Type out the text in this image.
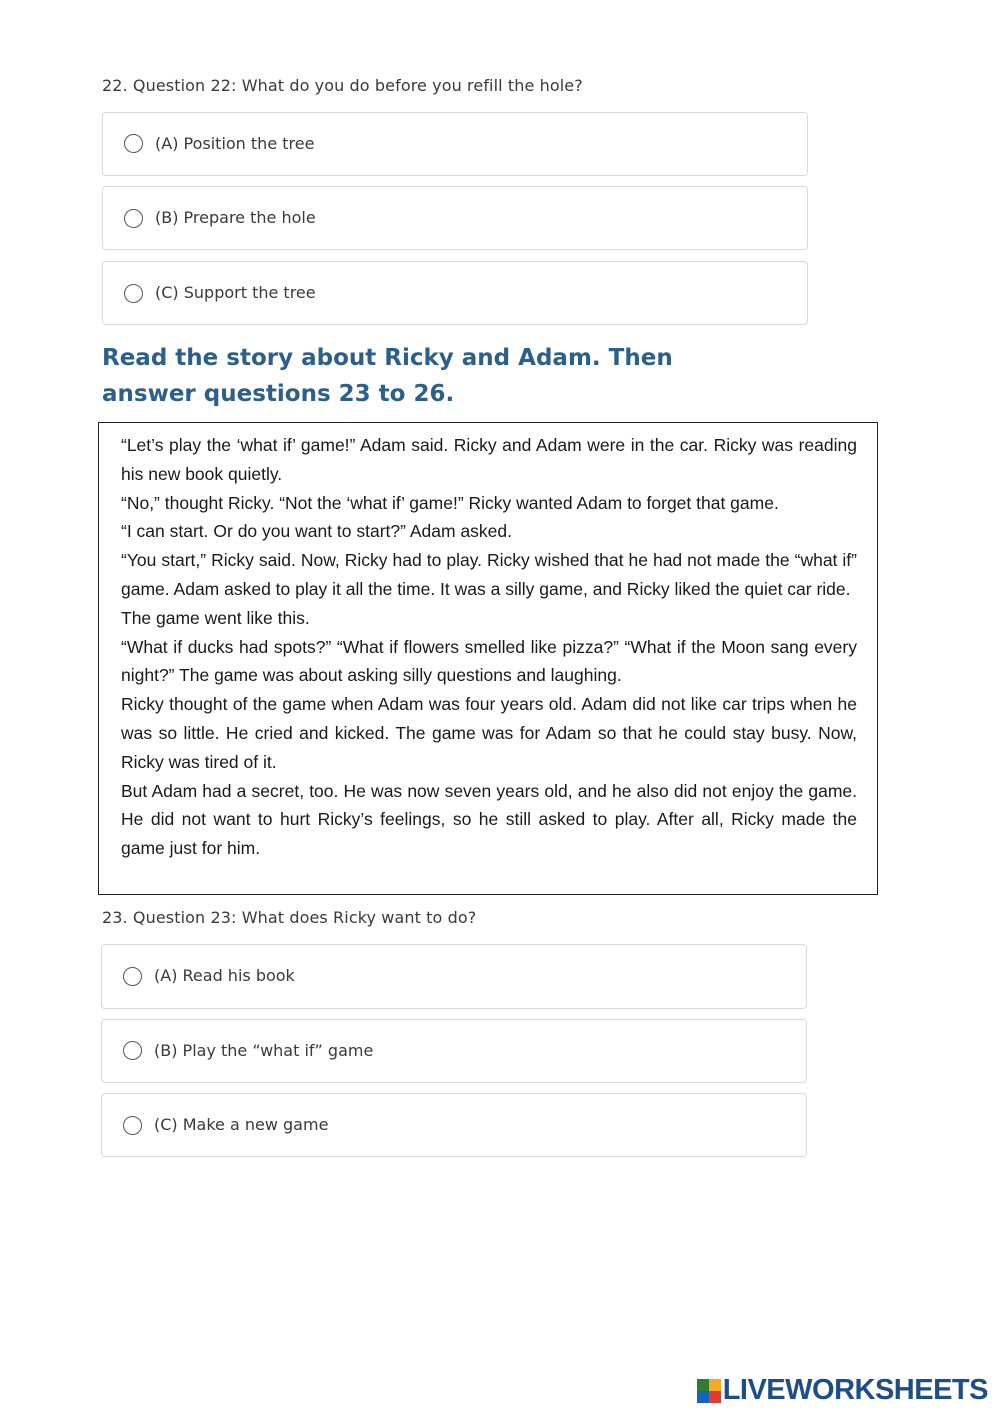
22. Question 22: What do you do before you refill the hole?
(A) Position the tree
(B) Prepare the hole
(C) Support the tree
Read the story about Ricky and Adam. Then answer questions 23 to 26.

“Let’s play the ‘what if’ game!” Adam said. Ricky and Adam were in the car. Ricky was reading his new book quietly.

“No,” thought Ricky. “Not the ‘what if’ game!” Ricky wanted Adam to forget that game.

“I can start. Or do you want to start?” Adam asked.

“You start,” Ricky said. Now, Ricky had to play. Ricky wished that he had not made the “what if” game. Adam asked to play it all the time. It was a silly game, and Ricky liked the quiet car ride.

The game went like this.

“What if ducks had spots?” “What if flowers smelled like pizza?” “What if the Moon sang every night?” The game was about asking silly questions and laughing.

Ricky thought of the game when Adam was four years old. Adam did not like car trips when he was so little. He cried and kicked. The game was for Adam so that he could stay busy. Now, Ricky was tired of it.

But Adam had a secret, too. He was now seven years old, and he also did not enjoy the game. He did not want to hurt Ricky’s feelings, so he still asked to play. After all, Ricky made the game just for him.

23. Question 23: What does Ricky want to do?
(A) Read his book
(B) Play the “what if” game
(C) Make a new game
LIVEWORKSHEETS
